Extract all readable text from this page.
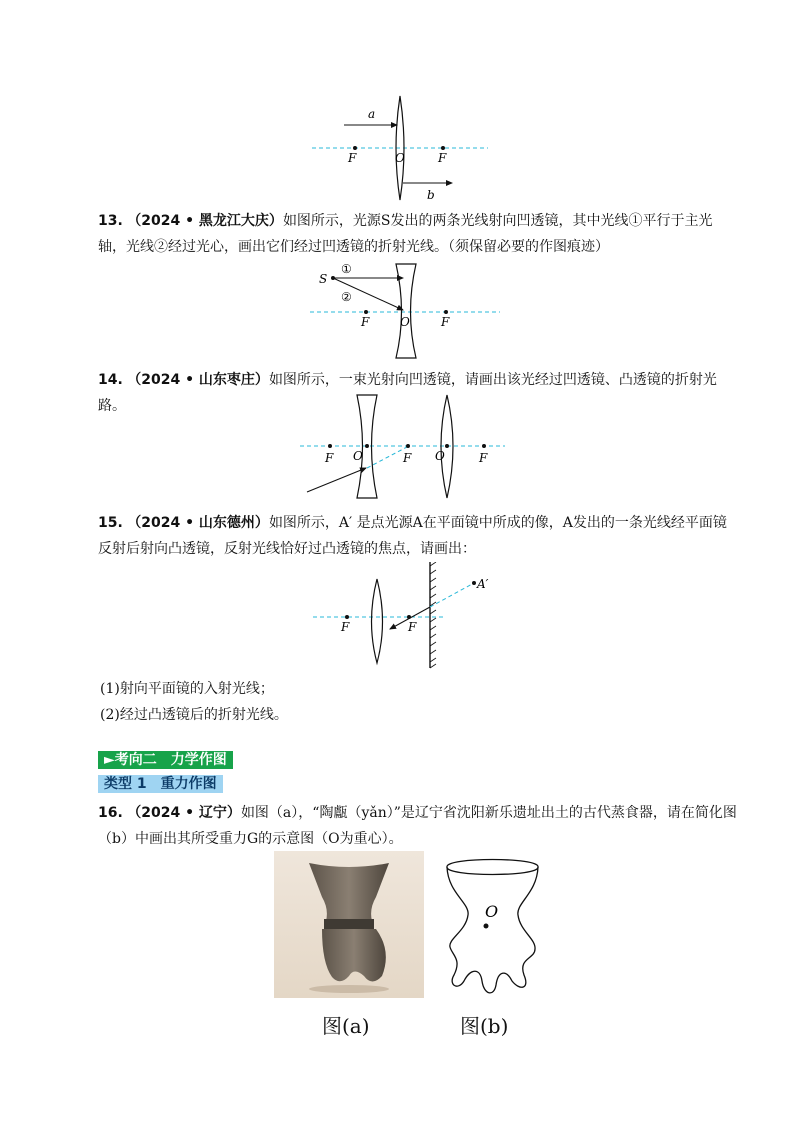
a
b
F	O	F
13. （2024 • 黑龙江大庆）如图所示，光源S发出的两条光线射向凹透镜，其中光线①平行于主光轴，光线②经过光心，画出它们经过凹透镜的折射光线。（须保留必要的作图痕迹）
S
①
②
F	O	F
14. （2024 • 山东枣庄）如图所示，一束光射向凹透镜，请画出该光经过凹透镜、凸透镜的折射光路。
F O	F O	F
15. （2024 • 山东德州）如图所示，A′ 是点光源A在平面镜中所成的像，A发出的一条光线经平面镜反射后射向凸透镜，反射光线恰好过凸透镜的焦点，请画出：
A′
F	F
(1)射向平面镜的入射光线；
(2)经过凸透镜后的折射光线。
►考向二　力学作图
类型 1　重力作图
16. （2024 • 辽宁）如图（a），“陶甗（yǎn）”是辽宁省沈阳新乐遗址出土的古代蒸食器，请在简化图（b）中画出其所受重力G的示意图（O为重心）。
O
图(a)	图(b)
